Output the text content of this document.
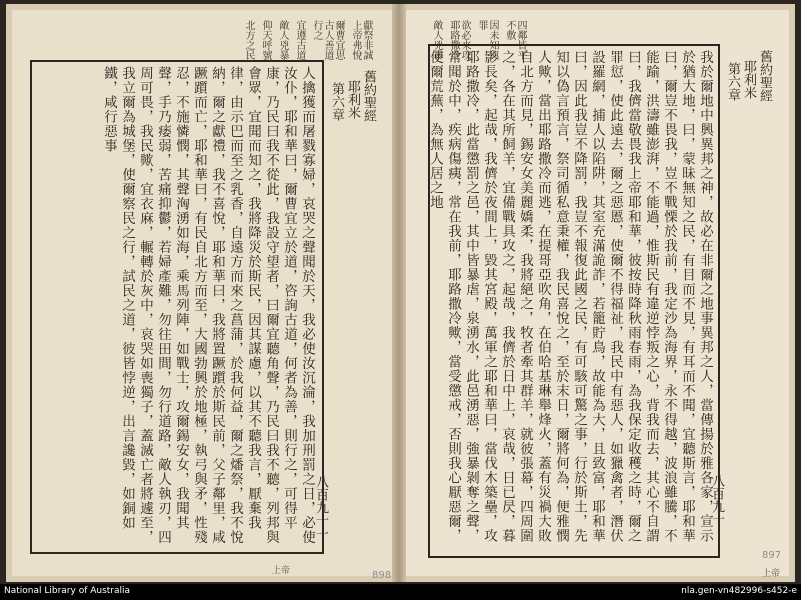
獻祭非誠上帝弗悅
爾曹宜思古人善道行之
宜遵古道
敵人兇暴
仰天呼號
北方之民
人擒獲而屠戮寡婦，哀哭之聲聞於天，我必使汝沉淪，我加刑罰之日，必使汝仆，耶和華曰，爾曹宜立於道，咨詢古道，何者為善，則行之，可得平康，乃民曰我不從此，我設守望者，曰爾宜聽角聲，乃民曰我不聽，列邦與會眾，宜聞而知之，我將降災於斯民，因其謀慮，以其不聽我言，厭棄我律，由示巴而至之乳香，自遠方而來之菖蒲，於我何益，爾之燔祭，我不悅納，爾之獻禮，我不喜悅，耶和華曰，我將置蹶躓於斯民前，父子鄰里，咸蹶躓而亡，耶和華曰，有民自北方而至，大國勃興於地極，執弓與矛，性殘忍，不施憐憫，其聲洶湧如海，乘馬列陣，如戰士，攻爾錫安女，我聞其聲，手乃痿弱，苦痛抑鬱，若婦產難，勿往田間，勿行道路，敵人執刃，四周可畏，我民歟，宜衣麻，輾轉於灰中，哀哭如喪獨子，蓋滅亡者將遽至，我立爾為城堡，使爾察民之行，試民之道，彼皆悖逆，出言讒毀，如銅如鐵，咸行惡事	舊約聖經
耶利米
第六章
八百九十一
上帝	898
四鄰皆平不敷
因未知與罪
欲必來攻耶路撒冷
敵人兇暴
我於爾地中興異邦之神，故必在非爾之地事異邦之人，當傳揚於雅各家，宣示於猶大地，曰，蒙昧無知之民，有目而不見，有耳而不聞，宜聽斯言，耶和華曰，爾豈不畏我，豈不戰慄於我前，我定沙為海界，永不得越，波浪雖騰，不能踰，洪濤雖澎湃，不能過，惟斯民有違逆悖叛之心，背我而去，其心不自謂曰，我儕當敬畏我上帝耶和華，彼按時降秋雨春雨，為我保定收穫之時，爾之罪愆，使此遠去，爾之惡慝，使爾不得福祉，我民中有惡人，如獵禽者，潛伏設羅網，捕人以陷阱，其室充滿詭詐，若籠貯鳥，故能為大，且致富，耶和華曰，因此我豈不降罰，我豈不報復此國之民，有可駭可驚之事，行於斯土，先知以偽言預言，祭司循私意秉權，我民喜悅之，至於末日，爾將何為，便雅憫人歟，當出耶路撒冷而逃，在提哥亞吹角，在伯哈基琳舉烽火，蓋有災禍大敗自北方而見，錫安女美麗嬌柔，我將絕之，牧者牽其群羊，就彼張幕，四周圍之，各在其所飼羊，宜備戰具攻之，起哉，我儕於日中上，哀哉，日已昃，暮影長矣，起哉，我儕於夜間上，毀其宮殿，萬軍之耶和華曰，當伐木築壘，攻耶路撒冷，此當懲罰之邑，其中皆暴虐，泉湧水，此邑湧惡，強暴剝奪之聲，常聞於中，疾病傷痍，常在我前，耶路撒冷歟，當受懲戒，否則我心厭惡爾，使爾荒蕪，為無人居之地	舊約聖經
耶利米
第六章
八百九十
上帝
897
National Library of Australia	nla.gen-vn482996-s452-e
